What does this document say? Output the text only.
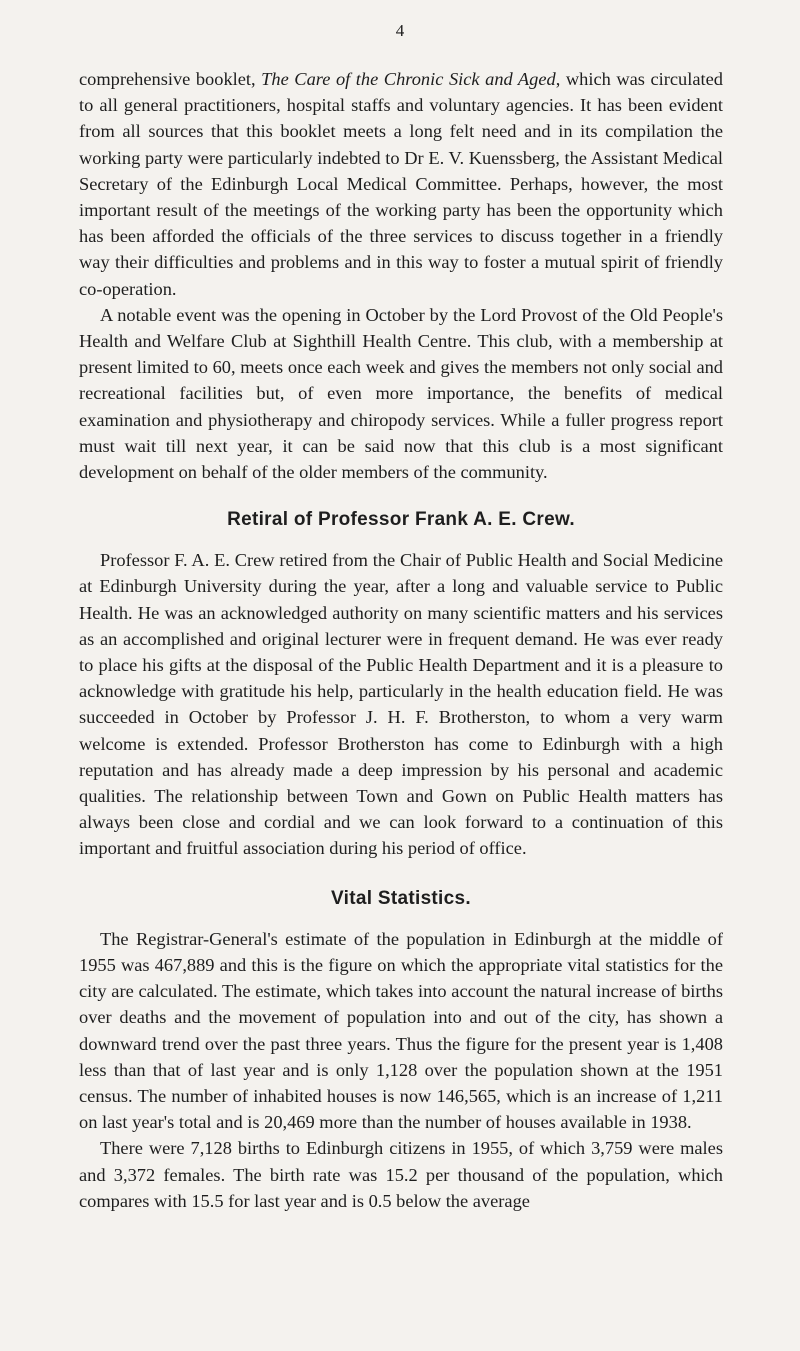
4

comprehensive booklet, The Care of the Chronic Sick and Aged, which was circulated to all general practitioners, hospital staffs and voluntary agencies. It has been evident from all sources that this booklet meets a long felt need and in its compilation the working party were particularly indebted to Dr E. V. Kuenssberg, the Assistant Medical Secretary of the Edinburgh Local Medical Committee. Perhaps, however, the most important result of the meetings of the working party has been the opportunity which has been afforded the officials of the three services to discuss together in a friendly way their difficulties and problems and in this way to foster a mutual spirit of friendly co-operation.

A notable event was the opening in October by the Lord Provost of the Old People's Health and Welfare Club at Sighthill Health Centre. This club, with a membership at present limited to 60, meets once each week and gives the members not only social and recreational facilities but, of even more importance, the benefits of medical examination and physiotherapy and chiropody services. While a fuller progress report must wait till next year, it can be said now that this club is a most significant development on behalf of the older members of the community.

Retiral of Professor Frank A. E. Crew.

Professor F. A. E. Crew retired from the Chair of Public Health and Social Medicine at Edinburgh University during the year, after a long and valuable service to Public Health. He was an acknowledged authority on many scientific matters and his services as an accomplished and original lecturer were in frequent demand. He was ever ready to place his gifts at the disposal of the Public Health Department and it is a pleasure to acknowledge with gratitude his help, particularly in the health education field. He was succeeded in October by Professor J. H. F. Brotherston, to whom a very warm welcome is extended. Professor Brotherston has come to Edinburgh with a high reputation and has already made a deep impression by his personal and academic qualities. The relationship between Town and Gown on Public Health matters has always been close and cordial and we can look forward to a continuation of this important and fruitful association during his period of office.

Vital Statistics.

The Registrar-General's estimate of the population in Edinburgh at the middle of 1955 was 467,889 and this is the figure on which the appropriate vital statistics for the city are calculated. The estimate, which takes into account the natural increase of births over deaths and the movement of population into and out of the city, has shown a downward trend over the past three years. Thus the figure for the present year is 1,408 less than that of last year and is only 1,128 over the population shown at the 1951 census. The number of inhabited houses is now 146,565, which is an increase of 1,211 on last year's total and is 20,469 more than the number of houses available in 1938.

There were 7,128 births to Edinburgh citizens in 1955, of which 3,759 were males and 3,372 females. The birth rate was 15.2 per thousand of the population, which compares with 15.5 for last year and is 0.5 below the average
